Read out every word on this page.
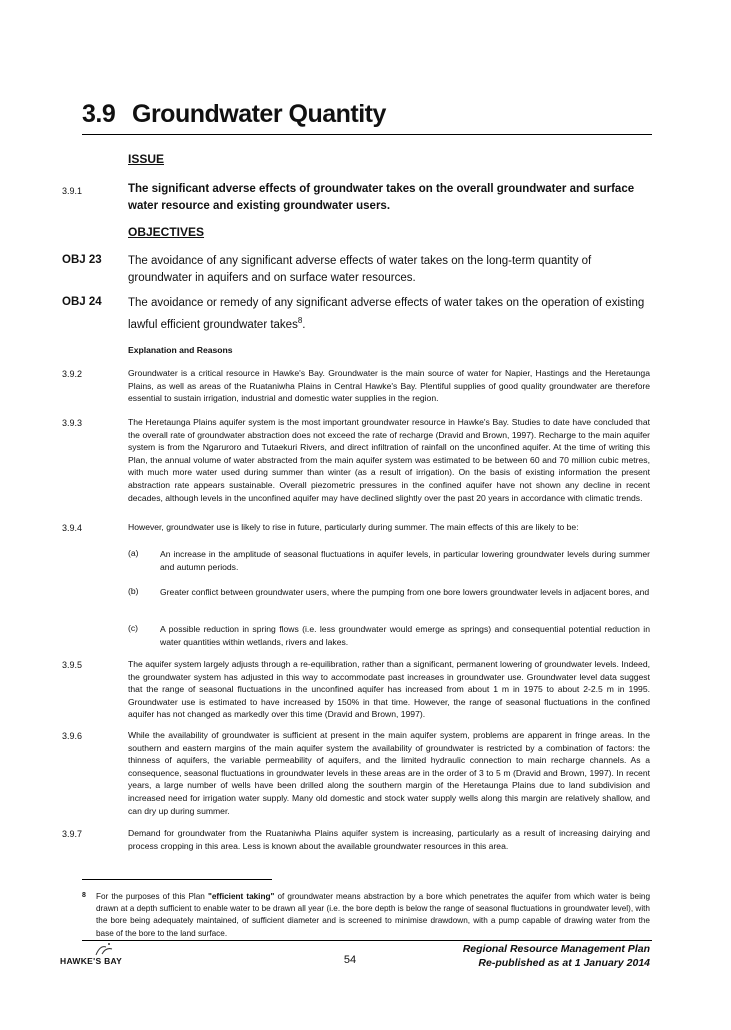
3.9 Groundwater Quantity
ISSUE
3.9.1	The significant adverse effects of groundwater takes on the overall groundwater and surface water resource and existing groundwater users.
OBJECTIVES
OBJ 23 The avoidance of any significant adverse effects of water takes on the long-term quantity of groundwater in aquifers and on surface water resources.
OBJ 24 The avoidance or remedy of any significant adverse effects of water takes on the operation of existing lawful efficient groundwater takes$^8$.
Explanation and Reasons
3.9.2	Groundwater is a critical resource in Hawke's Bay. Groundwater is the main source of water for Napier, Hastings and the Heretaunga Plains, as well as areas of the Ruataniwha Plains in Central Hawke's Bay. Plentiful supplies of good quality groundwater are therefore essential to sustain irrigation, industrial and domestic water supplies in the region.
3.9.3	The Heretaunga Plains aquifer system is the most important groundwater resource in Hawke's Bay. Studies to date have concluded that the overall rate of groundwater abstraction does not exceed the rate of recharge (Dravid and Brown, 1997). Recharge to the main aquifer system is from the Ngaruroro and Tutaekuri Rivers, and direct infiltration of rainfall on the unconfined aquifer. At the time of writing this Plan, the annual volume of water abstracted from the main aquifer system was estimated to be between 60 and 70 million cubic metres, with much more water used during summer than winter (as a result of irrigation). On the basis of existing information the present abstraction rate appears sustainable. Overall piezometric pressures in the confined aquifer have not shown any decline in recent decades, although levels in the unconfined aquifer may have declined slightly over the past 20 years in accordance with climatic trends.
3.9.4	However, groundwater use is likely to rise in future, particularly during summer. The main effects of this are likely to be:
(a) An increase in the amplitude of seasonal fluctuations in aquifer levels, in particular lowering groundwater levels during summer and autumn periods.
(b) Greater conflict between groundwater users, where the pumping from one bore lowers groundwater levels in adjacent bores, and
(c)	A possible reduction in spring flows (i.e. less groundwater would emerge as springs) and consequential potential reduction in water quantities within wetlands, rivers and lakes.
3.9.5	The aquifer system largely adjusts through a re-equilibration, rather than a significant, permanent lowering of groundwater levels. Indeed, the groundwater system has adjusted in this way to accommodate past increases in groundwater use. Groundwater level data suggest that the range of seasonal fluctuations in the unconfined aquifer has increased from about 1 m in 1975 to about 2-2.5 m in 1995. Groundwater use is estimated to have increased by 150% in that time. However, the range of seasonal fluctuations in the confined aquifer has not changed as markedly over this time (Dravid and Brown, 1997).
3.9.6	While the availability of groundwater is sufficient at present in the main aquifer system, problems are apparent in fringe areas. In the southern and eastern margins of the main aquifer system the availability of groundwater is restricted by a combination of factors: the thinness of aquifers, the variable permeability of aquifers, and the limited hydraulic connection to main recharge channels. As a consequence, seasonal fluctuations in groundwater levels in these areas are in the order of 3 to 5 m (Dravid and Brown, 1997). In recent years, a large number of wells have been drilled along the southern margin of the Heretaunga Plains due to land subdivision and increased need for irrigation water supply. Many old domestic and stock water supply wells along this margin are relatively shallow, and can dry up during summer.
3.9.7	Demand for groundwater from the Ruataniwha Plains aquifer system is increasing, particularly as a result of increasing dairying and process cropping in this area. Less is known about the available groundwater resources in this area.
8 For the purposes of this Plan "efficient taking" of groundwater means abstraction by a bore which penetrates the aquifer from which water is being drawn at a depth sufficient to enable water to be drawn all year (i.e. the bore depth is below the range of seasonal fluctuations in groundwater level), with the bore being adequately maintained, of sufficient diameter and is screened to minimise drawdown, with a pump capable of drawing water from the base of the bore to the land surface.
HAWKE'S BAY	54
Regional Resource Management Plan
Re-published as at 1 January 2014
